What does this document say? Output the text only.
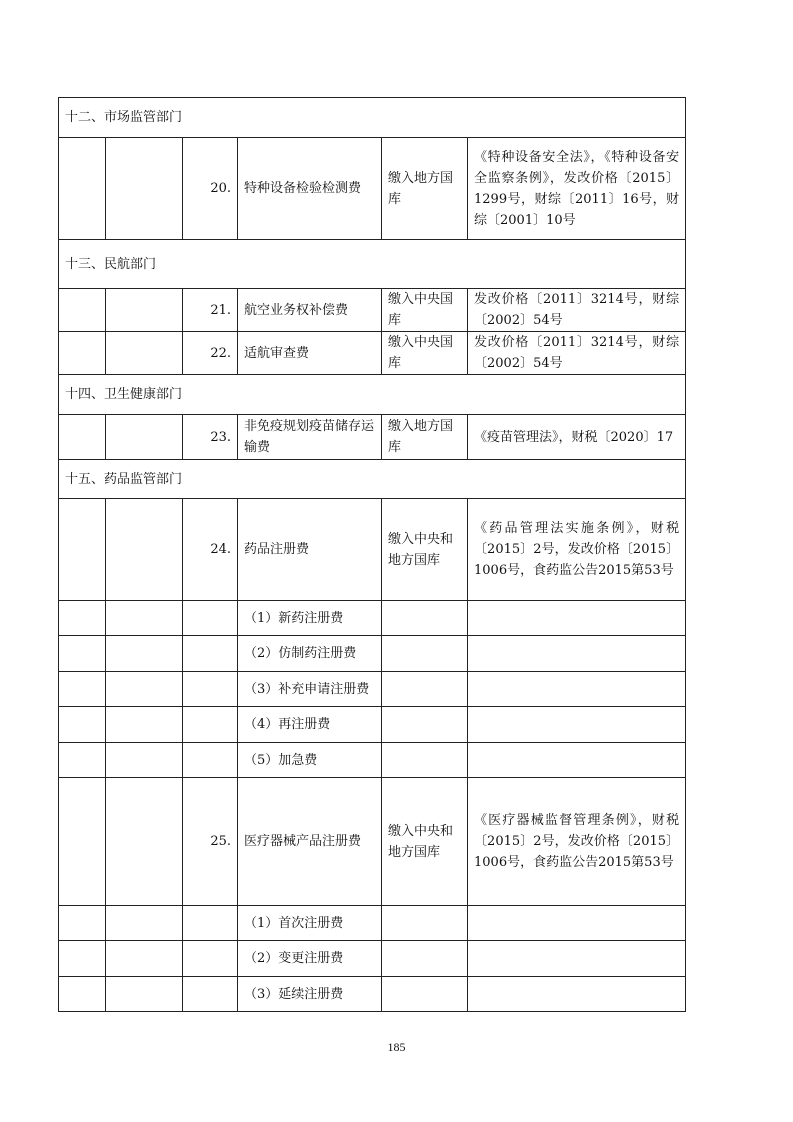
十二、市场监管部门					
		20.	特种设备检验检测费	缴入地方国库	《特种设备安全法》，《特种设备安全监察条例》，发改价格〔2015〕1299号，财综〔2011〕16号，财综〔2001〕10号
十三、民航部门					
		21.	航空业务权补偿费	缴入中央国库	发改价格〔2011〕3214号，财综〔2002〕54号
		22.	适航审查费	缴入中央国库	发改价格〔2011〕3214号，财综〔2002〕54号
十四、卫生健康部门					
		23.	非免疫规划疫苗储存运输费	缴入地方国库	《疫苗管理法》，财税〔2020〕17
十五、药品监管部门					
		24.	药品注册费	缴入中央和地方国库	《药品管理法实施条例》，财税〔2015〕2号，发改价格〔2015〕1006号，食药监公告2015第53号
			（1）新药注册费		
			（2）仿制药注册费		
			（3）补充申请注册费		
			（4）再注册费		
			（5）加急费		
		25.	医疗器械产品注册费	缴入中央和地方国库	《医疗器械监督管理条例》，财税〔2015〕2号，发改价格〔2015〕1006号，食药监公告2015第53号
			（1）首次注册费		
			（2）变更注册费		
			（3）延续注册费		
185
